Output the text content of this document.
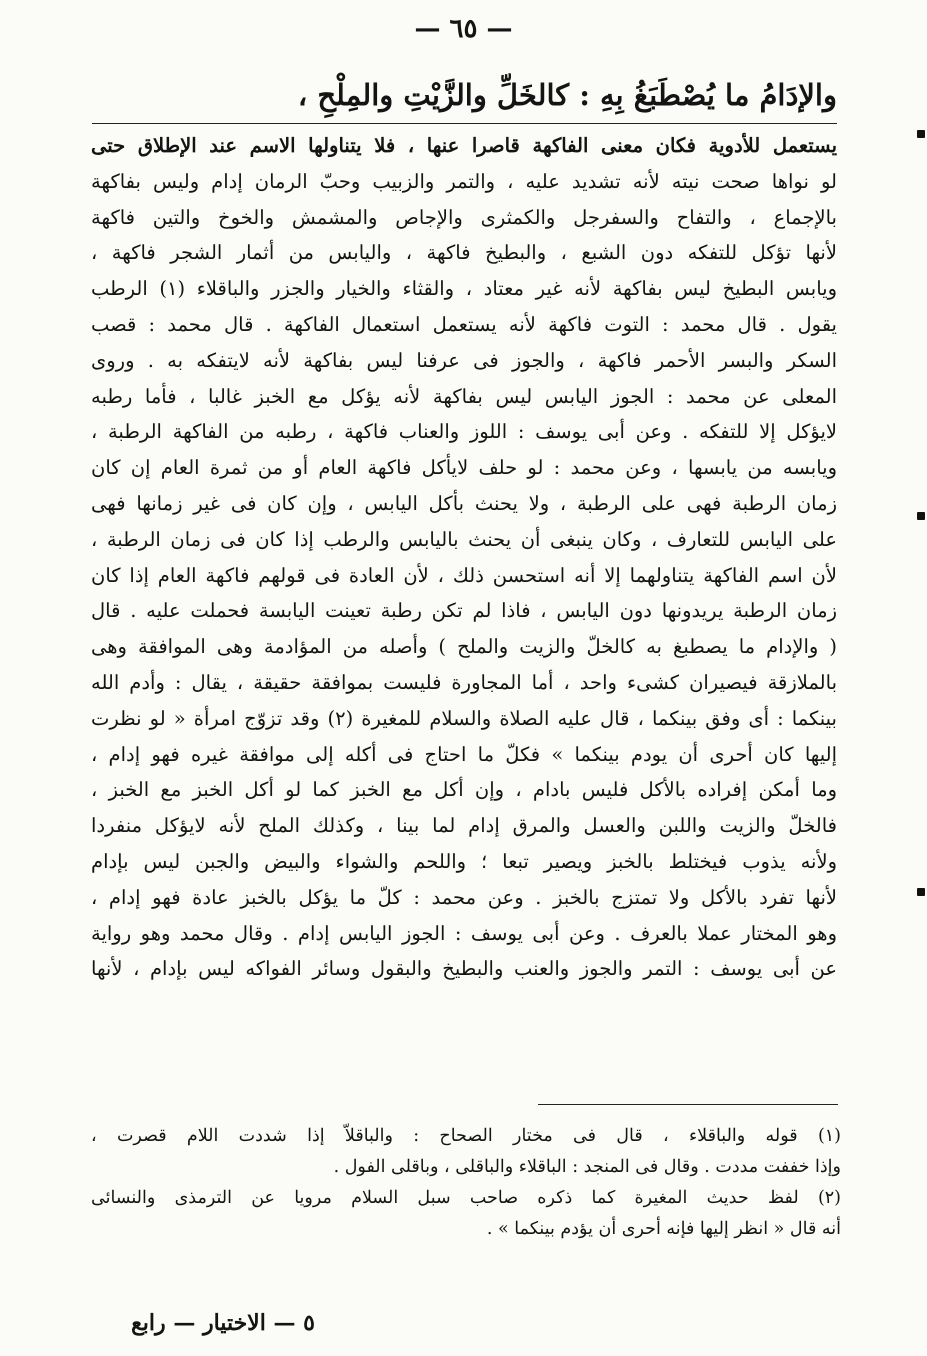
— ٦٥ —
والإدَامُ ما يُصْطَبَغُ بِهِ : كالخَلِّ والزَّيْتِ والمِلْحِ ،
يستعمل للأدوية فكان معنى الفاكهة قاصرا عنها ، فلا يتناولها الاسم عند الإطلاق حتى
لو نواها صحت نيته لأنه تشديد عليه ، والتمر والزبيب وحبّ الرمان إدام وليس بفاكهة
بالإجماع ، والتفاح والسفرجل والكمثرى والإجاص والمشمش والخوخ والتين فاكهة
لأنها تؤكل للتفكه دون الشبع ، والبطيخ فاكهة ، واليابس من أثمار الشجر فاكهة ،
ويابس البطيخ ليس بفاكهة لأنه غير معتاد ، والقثاء والخيار والجزر والباقلاء (١) الرطب
يقول . قال محمد : التوت فاكهة لأنه يستعمل استعمال الفاكهة . قال محمد : قصب
السكر والبسر الأحمر فاكهة ، والجوز فى عرفنا ليس بفاكهة لأنه لايتفكه به . وروى
المعلى عن محمد : الجوز اليابس ليس بفاكهة لأنه يؤكل مع الخبز غالبا ، فأما رطبه
لايؤكل إلا للتفكه . وعن أبى يوسف : اللوز والعناب فاكهة ، رطبه من الفاكهة الرطبة ،
ويابسه من يابسها ، وعن محمد : لو حلف لايأكل فاكهة العام أو من ثمرة العام إن كان
زمان الرطبة فهى على الرطبة ، ولا يحنث بأكل اليابس ، وإن كان فى غير زمانها فهى
على اليابس للتعارف ، وكان ينبغى أن يحنث باليابس والرطب إذا كان فى زمان الرطبة ،
لأن اسم الفاكهة يتناولهما إلا أنه استحسن ذلك ، لأن العادة فى قولهم فاكهة العام إذا كان
زمان الرطبة يريدونها دون اليابس ، فاذا لم تكن رطبة تعينت اليابسة فحملت عليه . قال
( والإدام ما يصطبغ به كالخلّ والزيت والملح ) وأصله من المؤادمة وهى الموافقة وهى
بالملازقة فيصيران كشىء واحد ، أما المجاورة فليست بموافقة حقيقة ، يقال : وأدم الله
بينكما : أى وفق بينكما ، قال عليه الصلاة والسلام للمغيرة (٢) وقد تزوّج امرأة « لو نظرت
إليها كان أحرى أن يودم بينكما » فكلّ ما احتاج فى أكله إلى موافقة غيره فهو إدام ،
وما أمكن إفراده بالأكل فليس بادام ، وإن أكل مع الخبز كما لو أكل الخبز مع الخبز ،
فالخلّ والزيت واللبن والعسل والمرق إدام لما بينا ، وكذلك الملح لأنه لايؤكل منفردا
ولأنه يذوب فيختلط بالخبز ويصير تبعا ؛ واللحم والشواء والبيض والجبن ليس بإدام
لأنها تفرد بالأكل ولا تمتزج بالخبز . وعن محمد : كلّ ما يؤكل بالخبز عادة فهو إدام ،
وهو المختار عملا بالعرف . وعن أبى يوسف : الجوز اليابس إدام . وقال محمد وهو رواية
عن أبى يوسف : التمر والجوز والعنب والبطيخ والبقول وسائر الفواكه ليس بإدام ، لأنها
(١) قوله والباقلاء ، قال فى مختار الصحاح : والباقلاّ إذا شددت اللام قصرت ،
وإذا خففت مددت . وقال فى المنجد : الباقلاء والباقلى ، وباقلى الفول .
(٢) لفظ حديث المغيرة كما ذكره صاحب سبل السلام مرويا عن الترمذى والنسائى
أنه قال « انظر إليها فإنه أحرى أن يؤدم بينكما » .
٥ — الاختيار — رابع
